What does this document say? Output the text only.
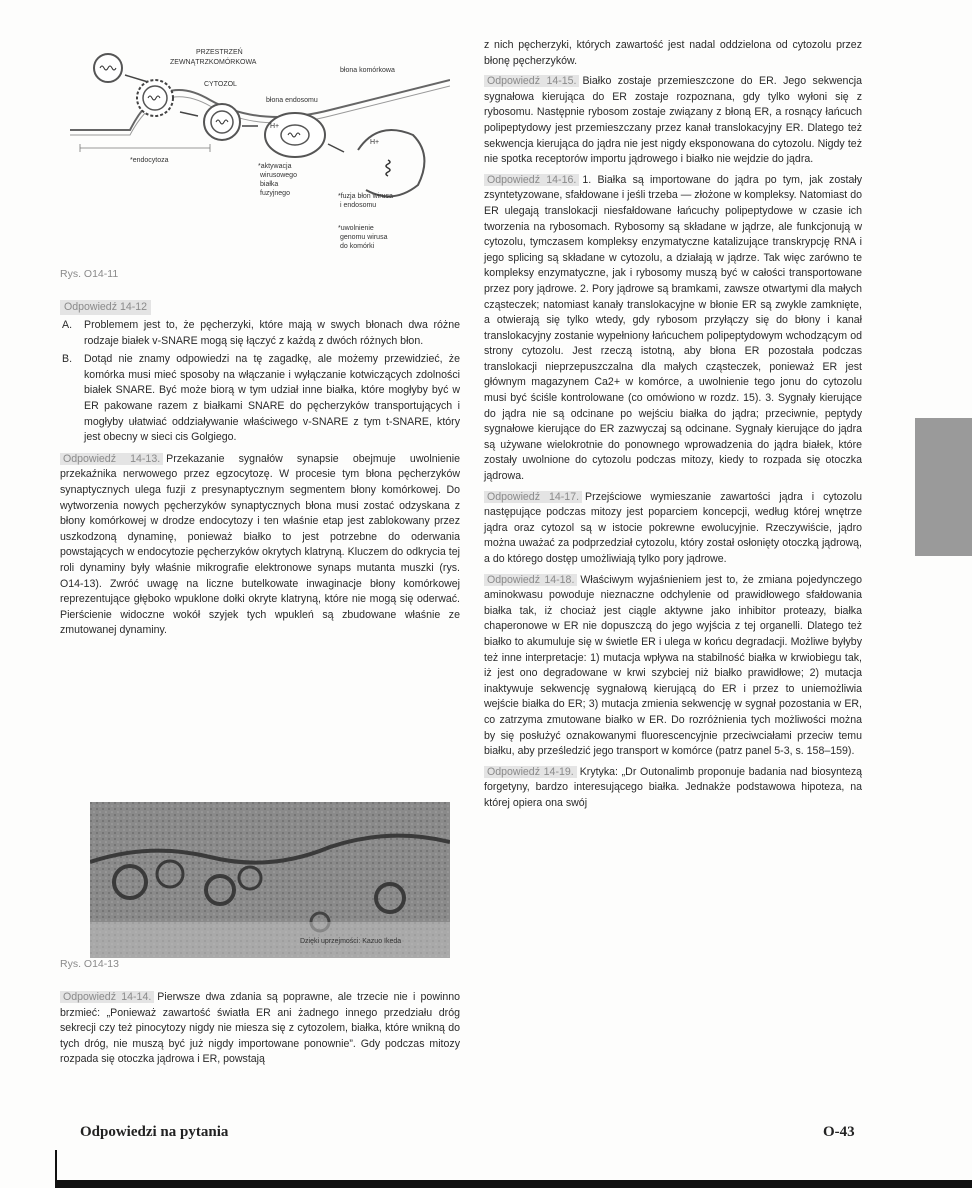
PRZESTRZEŃ
ZEWNĄTRZKOMÓRKOWA
CYTOZOL
błona komórkowa
błona endosomu
H+
H+
*endocytoza
*aktywacja
wirusowego
białka
fuzyjnego	*fuzja błon wirusa
i endosomu
*uwolnienie
genomu wirusa
do komórki
Rys. O14-11
Odpowiedź 14-12
A.	Problemem jest to, że pęcherzyki, które mają w swych błonach dwa różne rodzaje białek v-SNARE mogą się łączyć z każdą z dwóch różnych błon.
B.	Dotąd nie znamy odpowiedzi na tę zagadkę, ale możemy przewidzieć, że komórka musi mieć sposoby na włączanie i wyłączanie kotwiczących zdolności białek SNARE. Być może biorą w tym udział inne białka, które mogłyby być w ER pakowane razem z białkami SNARE do pęcherzyków transportujących i mogłyby ułatwiać oddziaływanie właściwego v-SNARE z tym t-SNARE, który jest obecny w sieci cis Golgiego.

Odpowiedź 14-13. Przekazanie sygnałów synapsie obejmuje uwolnienie przekaźnika nerwowego przez egzocytozę. W procesie tym błona pęcherzyków synaptycznych ulega fuzji z presynaptycznym segmentem błony komórkowej. Do wytworzenia nowych pęcherzyków synaptycznych błona musi zostać odzyskana z błony komórkowej w drodze endocytozy i ten właśnie etap jest zablokowany przez uszkodzoną dynaminę, ponieważ białko to jest potrzebne do oderwania powstających w endocytozie pęcherzyków okrytych klatryną. Kluczem do odkrycia tej roli dynaminy były właśnie mikrografie elektronowe synaps mutanta muszki (rys. O14-13). Zwróć uwagę na liczne butelkowate inwaginacje błony komórkowej reprezentujące głęboko wpuklone dołki okryte klatryną, które nie mogą się oderwać. Pierścienie widoczne wokół szyjek tych wpukleń są zbudowane właśnie ze zmutowanej dynaminy.

Dzięki uprzejmości: Kazuo Ikeda
Rys. O14-13

Odpowiedź 14-14. Pierwsze dwa zdania są poprawne, ale trzecie nie i powinno brzmieć: „Ponieważ zawartość światła ER ani żadnego innego przedziału dróg sekrecji czy też pinocytozy nigdy nie miesza się z cytozolem, białka, które wnikną do tych dróg, nie muszą być już nigdy importowane ponownie”. Gdy podczas mitozy rozpada się otoczka jądrowa i ER, powstają

z nich pęcherzyki, których zawartość jest nadal oddzielona od cytozolu przez błonę pęcherzyków.

Odpowiedź 14-15. Białko zostaje przemieszczone do ER. Jego sekwencja sygnałowa kierująca do ER zostaje rozpoznana, gdy tylko wyłoni się z rybosomu. Następnie rybosom zostaje związany z błoną ER, a rosnący łańcuch polipeptydowy jest przemieszczany przez kanał translokacyjny ER. Dlatego też sekwencja kierująca do jądra nie jest nigdy eksponowana do cytozolu. Nigdy też nie spotka receptorów importu jądrowego i białko nie wejdzie do jądra.

Odpowiedź 14-16. 1. Białka są importowane do jądra po tym, jak zostały zsyntetyzowane, sfałdowane i jeśli trzeba — złożone w kompleksy. Natomiast do ER ulegają translokacji niesfałdowane łańcuchy polipeptydowe w czasie ich tworzenia na rybosomach. Rybosomy są składane w jądrze, ale funkcjonują w cytozolu, tymczasem kompleksy enzymatyczne katalizujące transkrypcję RNA i jego splicing są składane w cytozolu, a działają w jądrze. Tak więc zarówno te kompleksy enzymatyczne, jak i rybosomy muszą być w całości transportowane przez pory jądrowe. 2. Pory jądrowe są bramkami, zawsze otwartymi dla małych cząsteczek; natomiast kanały translokacyjne w błonie ER są zwykle zamknięte, a otwierają się tylko wtedy, gdy rybosom przyłączy się do błony i kanał translokacyjny zostanie wypełniony łańcuchem polipeptydowym wchodzącym od strony cytozolu. Jest rzeczą istotną, aby błona ER pozostała podczas translokacji nieprzepuszczalna dla małych cząsteczek, ponieważ ER jest głównym magazynem Ca2+ w komórce, a uwolnienie tego jonu do cytozolu musi być ściśle kontrolowane (co omówiono w rozdz. 15). 3. Sygnały kierujące do jądra nie są odcinane po wejściu białka do jądra; przeciwnie, peptydy sygnałowe kierujące do ER zazwyczaj są odcinane. Sygnały kierujące do jądra są używane wielokrotnie do ponownego wprowadzenia do jądra białek, które zostały uwolnione do cytozolu podczas mitozy, kiedy to rozpada się otoczka jądrowa.

Odpowiedź 14-17. Przejściowe wymieszanie zawartości jądra i cytozolu następujące podczas mitozy jest poparciem koncepcji, według której wnętrze jądra oraz cytozol są w istocie pokrewne ewolucyjnie. Rzeczywiście, jądro można uważać za podprzedział cytozolu, który został osłonięty otoczką jądrową, a do którego dostęp umożliwiają tylko pory jądrowe.

Odpowiedź 14-18. Właściwym wyjaśnieniem jest to, że zmiana pojedynczego aminokwasu powoduje nieznaczne odchylenie od prawidłowego sfałdowania białka tak, iż chociaż jest ciągle aktywne jako inhibitor proteazy, białka chaperonowe w ER nie dopuszczą do jego wyjścia z tej organelli. Dlatego też białko to akumuluje się w świetle ER i ulega w końcu degradacji. Możliwe byłyby też inne interpretacje: 1) mutacja wpływa na stabilność białka w krwiobiegu tak, iż jest ono degradowane w krwi szybciej niż białko prawidłowe; 2) mutacja inaktywuje sekwencję sygnałową kierującą do ER i przez to uniemożliwia wejście białka do ER; 3) mutacja zmienia sekwencję w sygnał pozostania w ER, co zatrzyma zmutowane białko w ER. Do rozróżnienia tych możliwości można by się posłużyć oznakowanymi fluorescencyjnie przeciwciałami przeciw temu białku, aby prześledzić jego transport w komórce (patrz panel 5-3, s. 158–159).

Odpowiedź 14-19. Krytyka: „Dr Outonalimb proponuje badania nad biosyntezą forgetyny, bardzo interesującego białka. Jednakże podstawowa hipoteza, na której opiera ona swój

Odpowiedzi na pytania	O-43
